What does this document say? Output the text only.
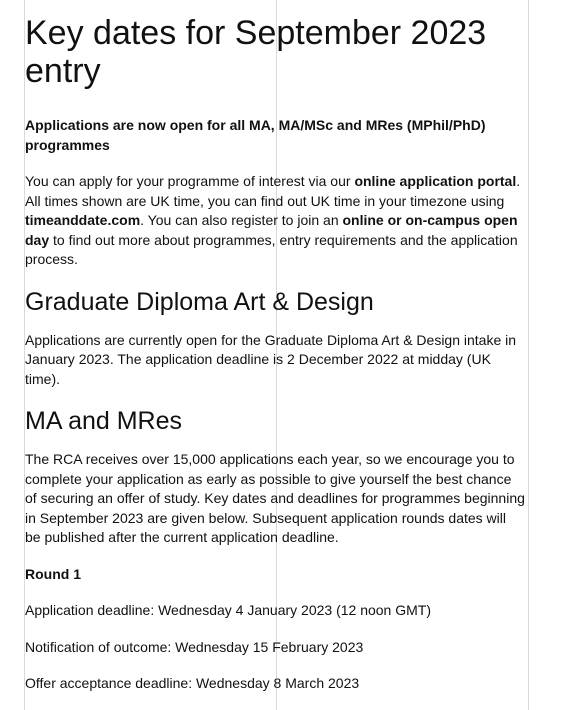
Key dates for September 2023 entry

Applications are now open for all MA, MA/MSc and MRes (MPhil/PhD) programmes

You can apply for your programme of interest via our online application portal. All times shown are UK time, you can find out UK time in your timezone using timeanddate.com. You can also register to join an online or on-campus open day to find out more about programmes, entry requirements and the application process.

Graduate Diploma Art & Design

Applications are currently open for the Graduate Diploma Art & Design intake in January 2023. The application deadline is 2 December 2022 at midday (UK time).

MA and MRes

The RCA receives over 15,000 applications each year, so we encourage you to complete your application as early as possible to give yourself the best chance of securing an offer of study. Key dates and deadlines for programmes beginning in September 2023 are given below. Subsequent application rounds dates will be published after the current application deadline.

Round 1

Application deadline: Wednesday 4 January 2023 (12 noon GMT)

Notification of outcome: Wednesday 15 February 2023

Offer acceptance deadline: Wednesday 8 March 2023
